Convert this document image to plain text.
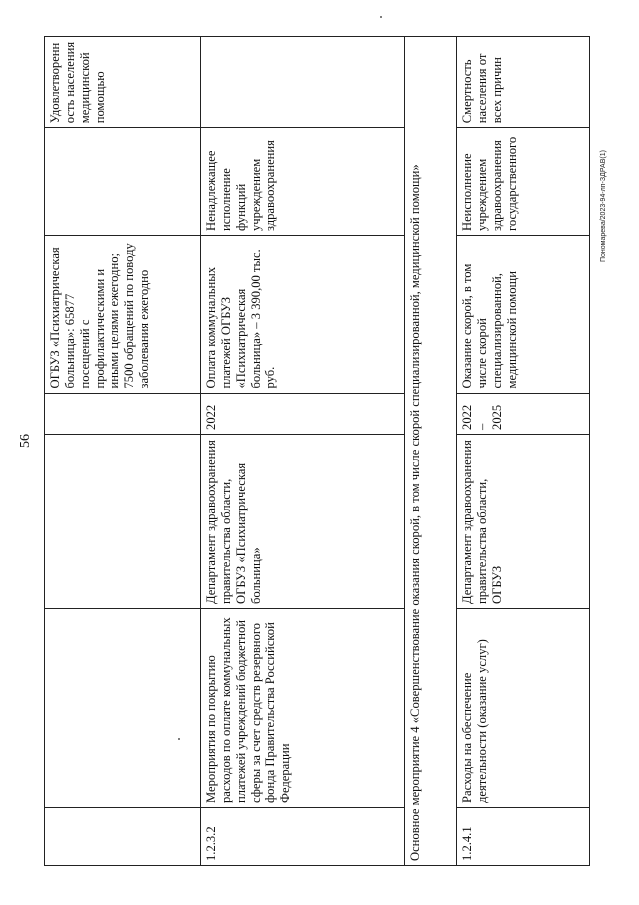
56
Пономарева/2023-94-лп-ЗДРАВ(1)
				ОГБУЗ «Психиатрическая больница»: 65877 посещений с профилактическими и иными целями ежегодно; 7500 обращений по поводу заболевания ежегодно		Удовлетворенность населения медицинской помощью
1.2.3.2	Мероприятия по покрытию расходов по оплате коммунальных платежей учреждений бюджетной сферы за счет средств резервного фонда Правительства Российской Федерации	Департамент здравоохранения правительства области, ОГБУЗ «Психиатрическая больница»	2022	Оплата коммунальных платежей ОГБУЗ «Психиатрическая больница» – 3 390,00 тыс. руб.	Ненадлежащее исполнение функций учреждением здравоохранения	
Основное мероприятие 4 «Совершенствование оказания скорой, в том числе скорой специализированной, медицинской помощи»						
1.2.4.1	Расходы на обеспечение деятельности (оказание услуг)	Департамент здравоохранения правительства области, ОГБУЗ	2022 – 2025	Оказание скорой, в том числе скорой специализированной, медицинской помощи	Неисполнение учреждением здравоохранения государственного	Смертность населения от всех причин
